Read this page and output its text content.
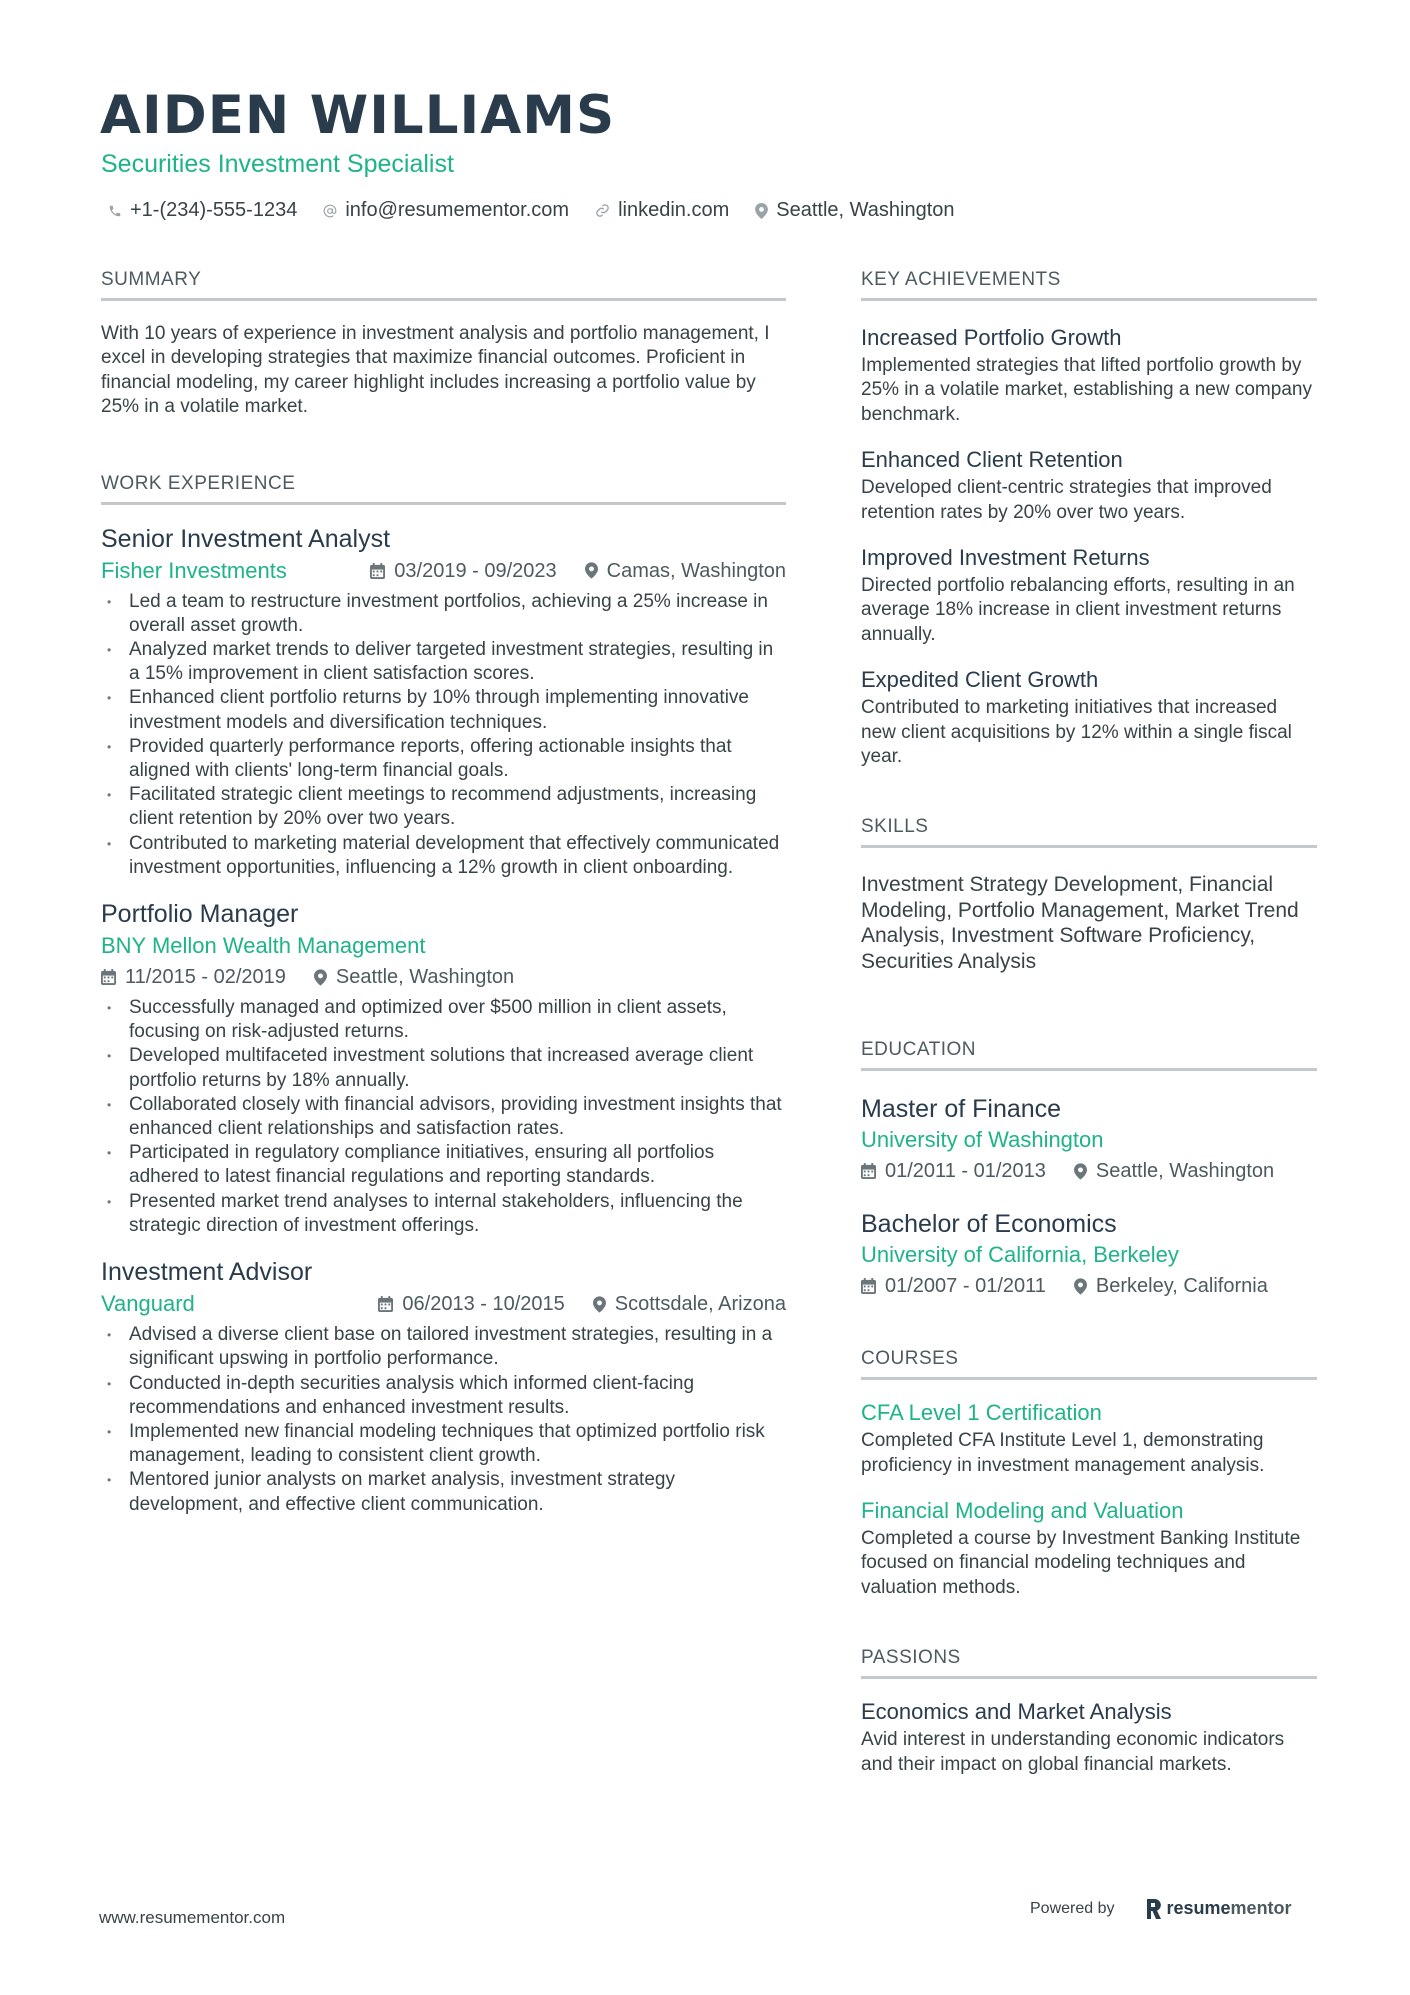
AIDEN WILLIAMS
Securities Investment Specialist
+1-(234)-555-1234 info@resumementor.com linkedin.com Seattle, Washington
SUMMARY
With 10 years of experience in investment analysis and portfolio management, I excel in developing strategies that maximize financial outcomes. Proficient in financial modeling, my career highlight includes increasing a portfolio value by 25% in a volatile market.
WORK EXPERIENCE
Senior Investment Analyst
Fisher Investments	03/2019 - 09/2023	Camas, Washington
• Led a team to restructure investment portfolios, achieving a 25% increase in overall asset growth.
• Analyzed market trends to deliver targeted investment strategies, resulting in a 15% improvement in client satisfaction scores.
• Enhanced client portfolio returns by 10% through implementing innovative investment models and diversification techniques.
• Provided quarterly performance reports, offering actionable insights that aligned with clients' long-term financial goals.
• Facilitated strategic client meetings to recommend adjustments, increasing client retention by 20% over two years.
• Contributed to marketing material development that effectively communicated investment opportunities, influencing a 12% growth in client onboarding.
Portfolio Manager
BNY Mellon Wealth Management
11/2015 - 02/2019	Seattle, Washington
• Successfully managed and optimized over $500 million in client assets, focusing on risk-adjusted returns.
• Developed multifaceted investment solutions that increased average client portfolio returns by 18% annually.
• Collaborated closely with financial advisors, providing investment insights that enhanced client relationships and satisfaction rates.
• Participated in regulatory compliance initiatives, ensuring all portfolios adhered to latest financial regulations and reporting standards.
• Presented market trend analyses to internal stakeholders, influencing the strategic direction of investment offerings.
Investment Advisor
Vanguard	06/2013 - 10/2015	Scottsdale, Arizona
• Advised a diverse client base on tailored investment strategies, resulting in a significant upswing in portfolio performance.
• Conducted in-depth securities analysis which informed client-facing recommendations and enhanced investment results.
• Implemented new financial modeling techniques that optimized portfolio risk management, leading to consistent client growth.
• Mentored junior analysts on market analysis, investment strategy development, and effective client communication.
KEY ACHIEVEMENTS
Increased Portfolio Growth
Implemented strategies that lifted portfolio growth by 25% in a volatile market, establishing a new company benchmark.
Enhanced Client Retention
Developed client-centric strategies that improved retention rates by 20% over two years.
Improved Investment Returns
Directed portfolio rebalancing efforts, resulting in an average 18% increase in client investment returns annually.
Expedited Client Growth
Contributed to marketing initiatives that increased new client acquisitions by 12% within a single fiscal year.
SKILLS
Investment Strategy Development, Financial Modeling, Portfolio Management, Market Trend Analysis, Investment Software Proficiency, Securities Analysis
EDUCATION
Master of Finance
University of Washington
01/2011 - 01/2013	Seattle, Washington
Bachelor of Economics
University of California, Berkeley
01/2007 - 01/2011	Berkeley, California
COURSES
CFA Level 1 Certification
Completed CFA Institute Level 1, demonstrating proficiency in investment management analysis.
Financial Modeling and Valuation
Completed a course by Investment Banking Institute focused on financial modeling techniques and valuation methods.
PASSIONS
Economics and Market Analysis
Avid interest in understanding economic indicators and their impact on global financial markets.
www.resumementor.com	Powered by	resume mentor
